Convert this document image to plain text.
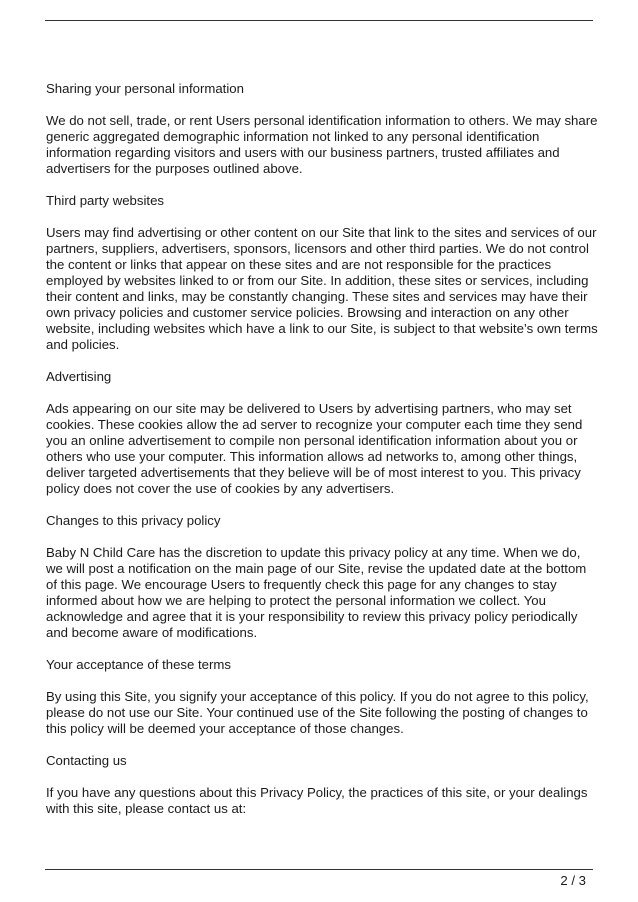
Sharing your personal information

We do not sell, trade, or rent Users personal identification information to others. We may share generic aggregated demographic information not linked to any personal identification information regarding visitors and users with our business partners, trusted affiliates and advertisers for the purposes outlined above.

Third party websites

Users may find advertising or other content on our Site that link to the sites and services of our partners, suppliers, advertisers, sponsors, licensors and other third parties. We do not control the content or links that appear on these sites and are not responsible for the practices employed by websites linked to or from our Site. In addition, these sites or services, including their content and links, may be constantly changing. These sites and services may have their own privacy policies and customer service policies. Browsing and interaction on any other website, including websites which have a link to our Site, is subject to that website’s own terms and policies.

Advertising

Ads appearing on our site may be delivered to Users by advertising partners, who may set cookies. These cookies allow the ad server to recognize your computer each time they send you an online advertisement to compile non personal identification information about you or others who use your computer. This information allows ad networks to, among other things, deliver targeted advertisements that they believe will be of most interest to you. This privacy policy does not cover the use of cookies by any advertisers.

Changes to this privacy policy

Baby N Child Care has the discretion to update this privacy policy at any time. When we do, we will post a notification on the main page of our Site, revise the updated date at the bottom of this page. We encourage Users to frequently check this page for any changes to stay informed about how we are helping to protect the personal information we collect. You acknowledge and agree that it is your responsibility to review this privacy policy periodically and become aware of modifications.

Your acceptance of these terms

By using this Site, you signify your acceptance of this policy. If you do not agree to this policy, please do not use our Site. Your continued use of the Site following the posting of changes to this policy will be deemed your acceptance of those changes.

Contacting us

If you have any questions about this Privacy Policy, the practices of this site, or your dealings with this site, please contact us at:

2 / 3
